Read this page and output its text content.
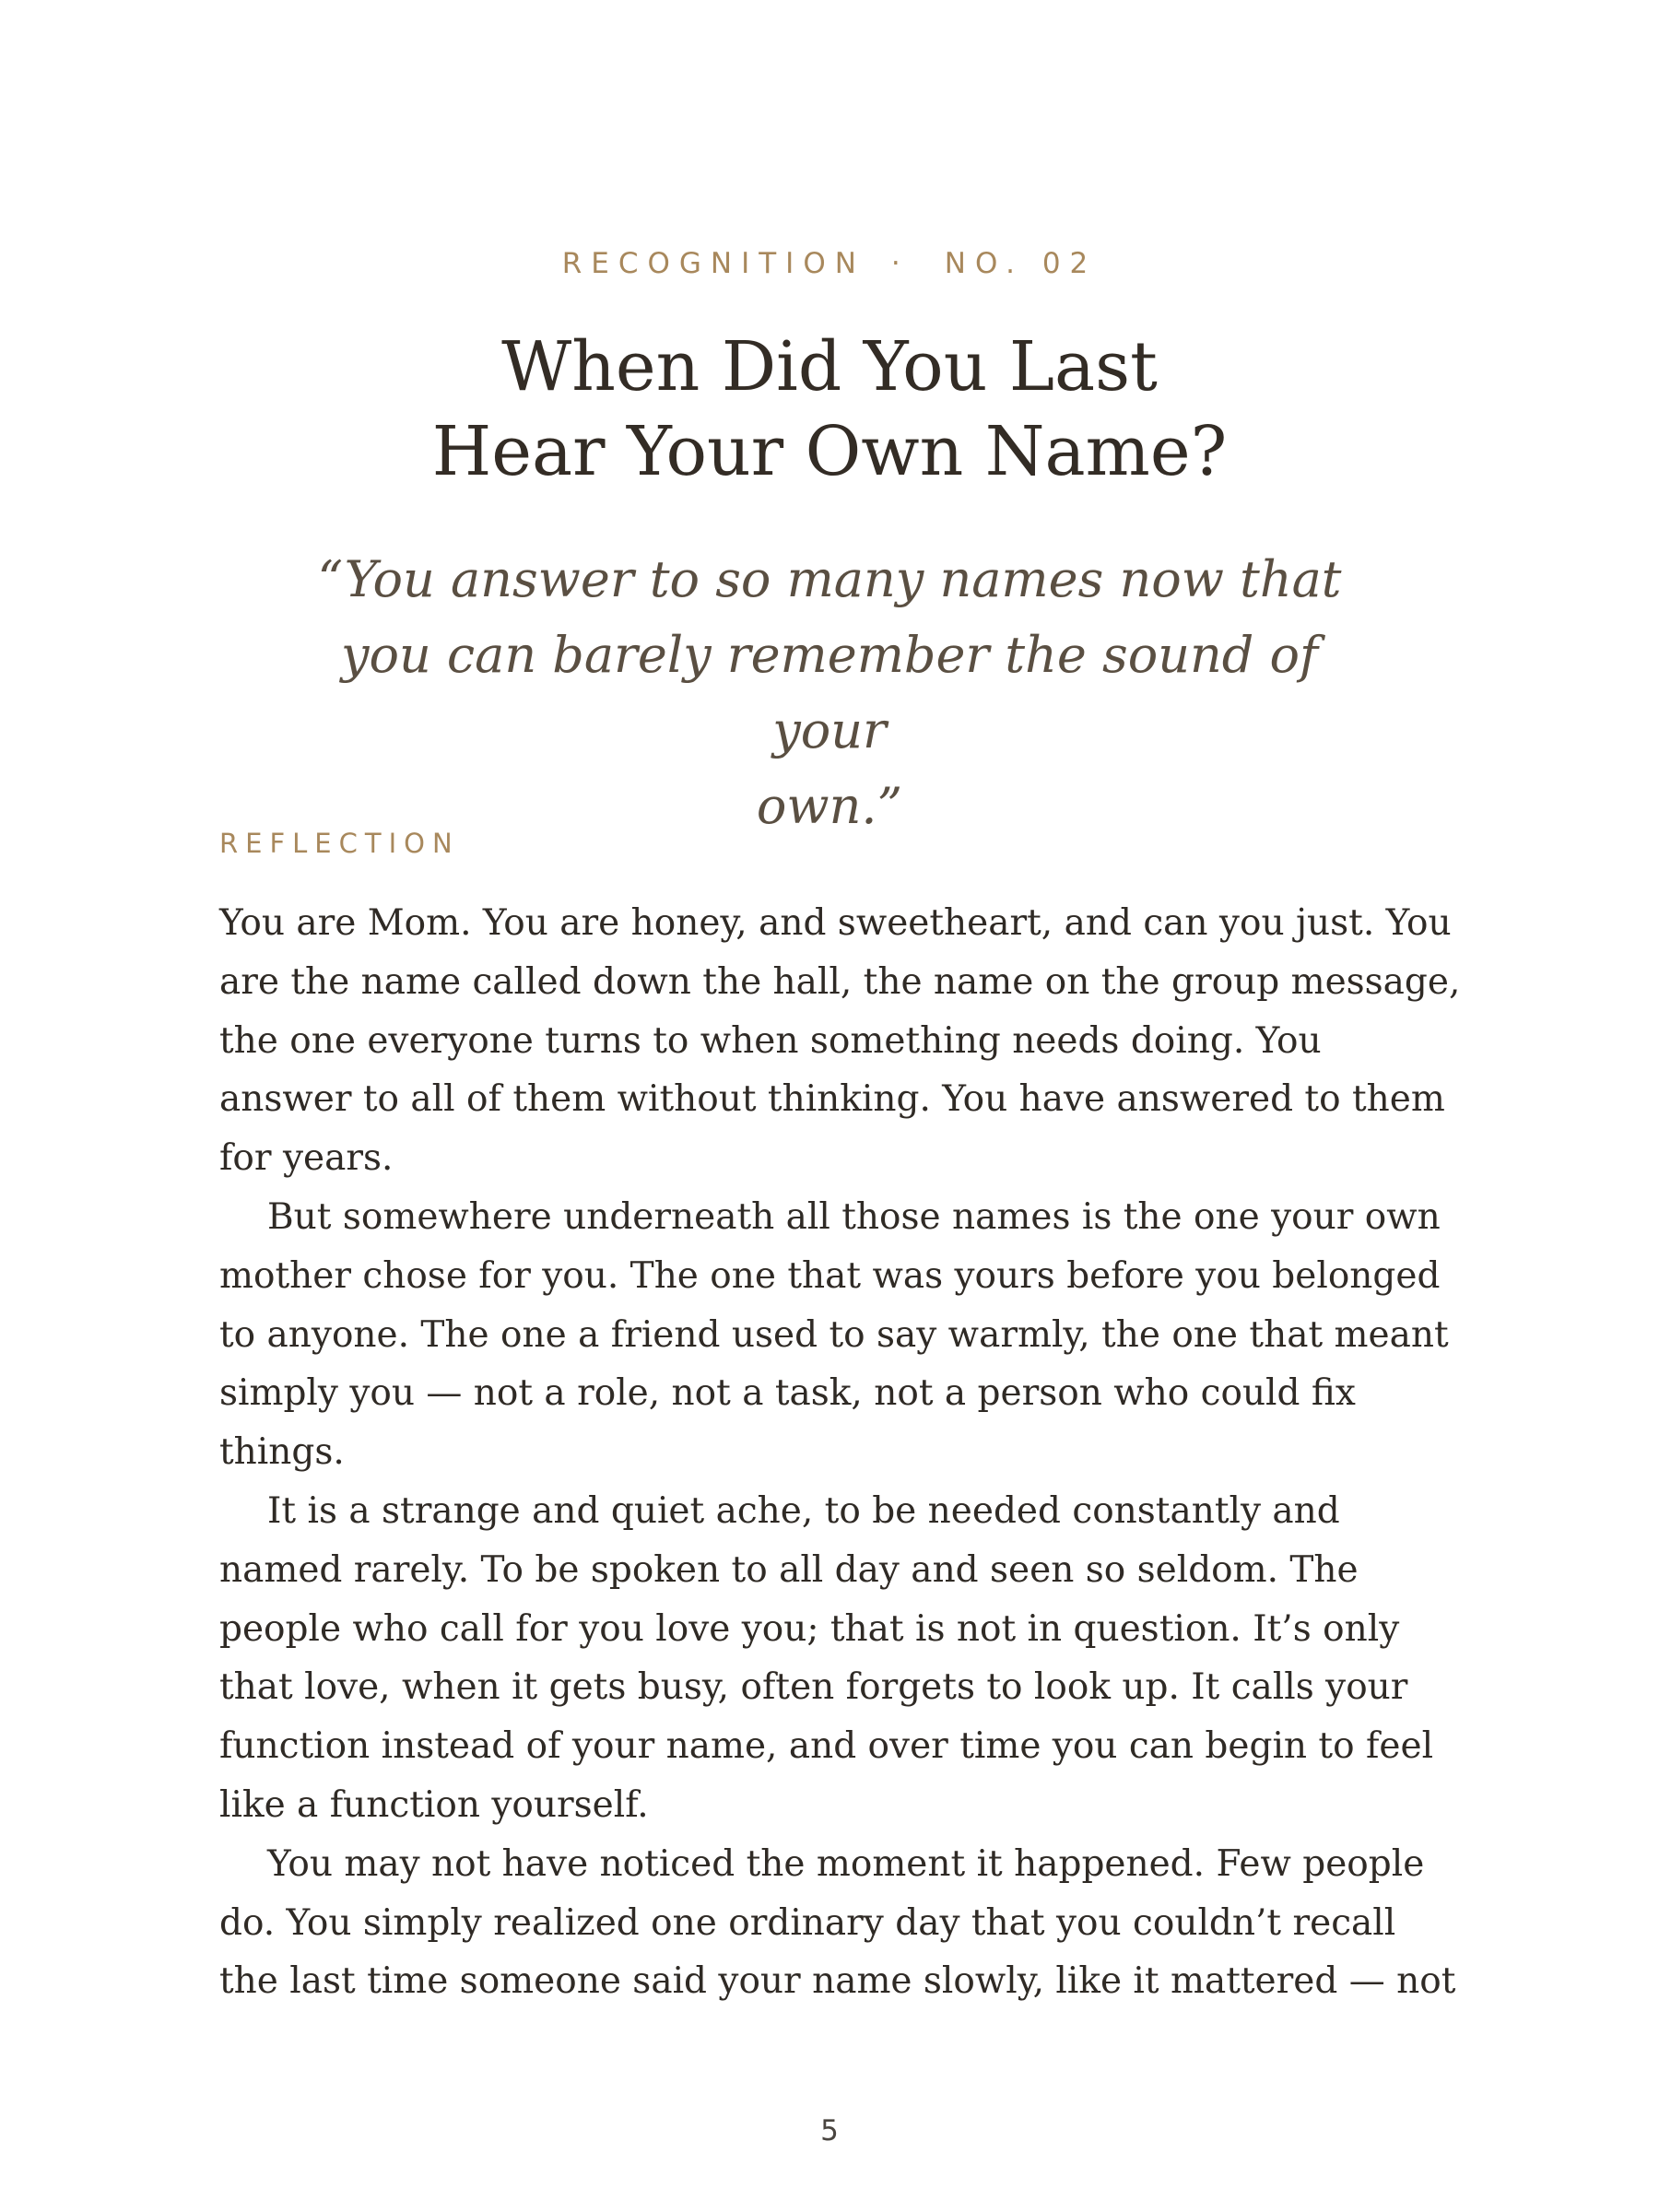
RECOGNITION · NO. 02
When Did You Last
Hear Your Own Name?

“You answer to so many names now that
you can barely remember the sound of your
own.”

REFLECTION
You are Mom. You are honey, and sweetheart, and can you just. You
are the name called down the hall, the name on the group message,
the one everyone turns to when something needs doing. You
answer to all of them without thinking. You have answered to them
for years.
But somewhere underneath all those names is the one your own
mother chose for you. The one that was yours before you belonged
to anyone. The one a friend used to say warmly, the one that meant
simply you — not a role, not a task, not a person who could fix
things.
It is a strange and quiet ache, to be needed constantly and
named rarely. To be spoken to all day and seen so seldom. The
people who call for you love you; that is not in question. It’s only
that love, when it gets busy, often forgets to look up. It calls your
function instead of your name, and over time you can begin to feel
like a function yourself.
You may not have noticed the moment it happened. Few people
do. You simply realized one ordinary day that you couldn’t recall
the last time someone said your name slowly, like it mattered — not
5
